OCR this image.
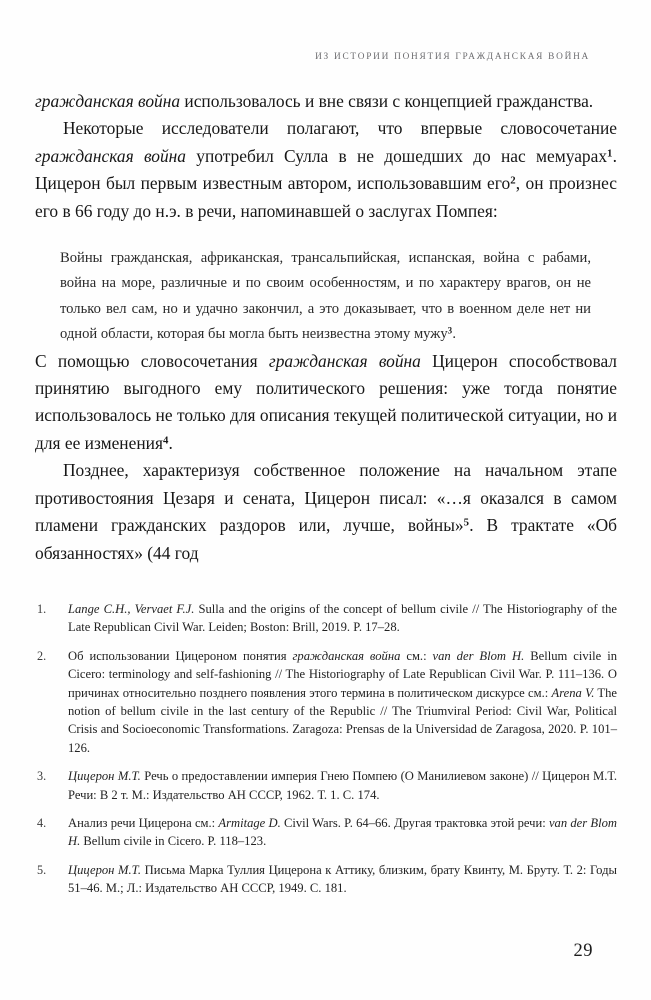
ИЗ ИСТОРИИ ПОНЯТИЯ ГРАЖДАНСКАЯ ВОЙНА

гражданская война использовалось и вне связи с концепцией гражданства.

Некоторые исследователи полагают, что впервые словосочетание гражданская война употребил Сулла в не дошедших до нас мемуарах$^1$. Цицерон был первым известным автором, использовавшим его$^2$, он произнес его в 66 году до н.э. в речи, напоминавшей о заслугах Помпея:

Войны гражданская, африканская, трансальпийская, испанская, война с рабами, война на море, различные и по своим особенностям, и по характеру врагов, он не только вел сам, но и удачно закончил, а это доказывает, что в военном деле нет ни одной области, которая бы могла быть неизвестна этому мужу$^3$.

С помощью словосочетания гражданская война Цицерон способствовал принятию выгодного ему политического решения: уже тогда понятие использовалось не только для описания текущей политической ситуации, но и для ее изменения$^4$.

Позднее, характеризуя собственное положение на начальном этапе противостояния Цезаря и сената, Цицерон писал: «…я оказался в самом пламени гражданских раздоров или, лучше, войны»$^5$. В трактате «Об обязанностях» (44 год

1.	Lange C.H., Vervaet F.J. Sulla and the origins of the concept of bellum civile // The Historiography of the Late Republican Civil War. Leiden; Boston: Brill, 2019. P. 17–28.
2.	Об использовании Цицероном понятия гражданская война см.: van der Blom H. Bellum civile in Cicero: terminology and self-fashioning // The Historiography of Late Republican Civil War. P. 111–136. О причинах относительно позднего появления этого термина в политическом дискурсе см.: Arena V. The notion of bellum civile in the last century of the Republic // The Triumviral Period: Civil War, Political Crisis and Socioeconomic Transformations. Zaragoza: Prensas de la Universidad de Zaragosa, 2020. P. 101–126.
3.	Цицерон М.Т. Речь о предоставлении империя Гнею Помпею (О Манилиевом законе) // Цицерон М.Т. Речи: В 2 т. М.: Издательство АН СССР, 1962. Т. 1. С. 174.
4.	Анализ речи Цицерона см.: Armitage D. Civil Wars. P. 64–66. Другая трактовка этой речи: van der Blom H. Bellum civile in Cicero. P. 118–123.
5.	Цицерон М.Т. Письма Марка Туллия Цицерона к Аттику, близким, брату Квинту, М. Бруту. Т. 2: Годы 51–46. М.; Л.: Издательство АН СССР, 1949. С. 181.
29
